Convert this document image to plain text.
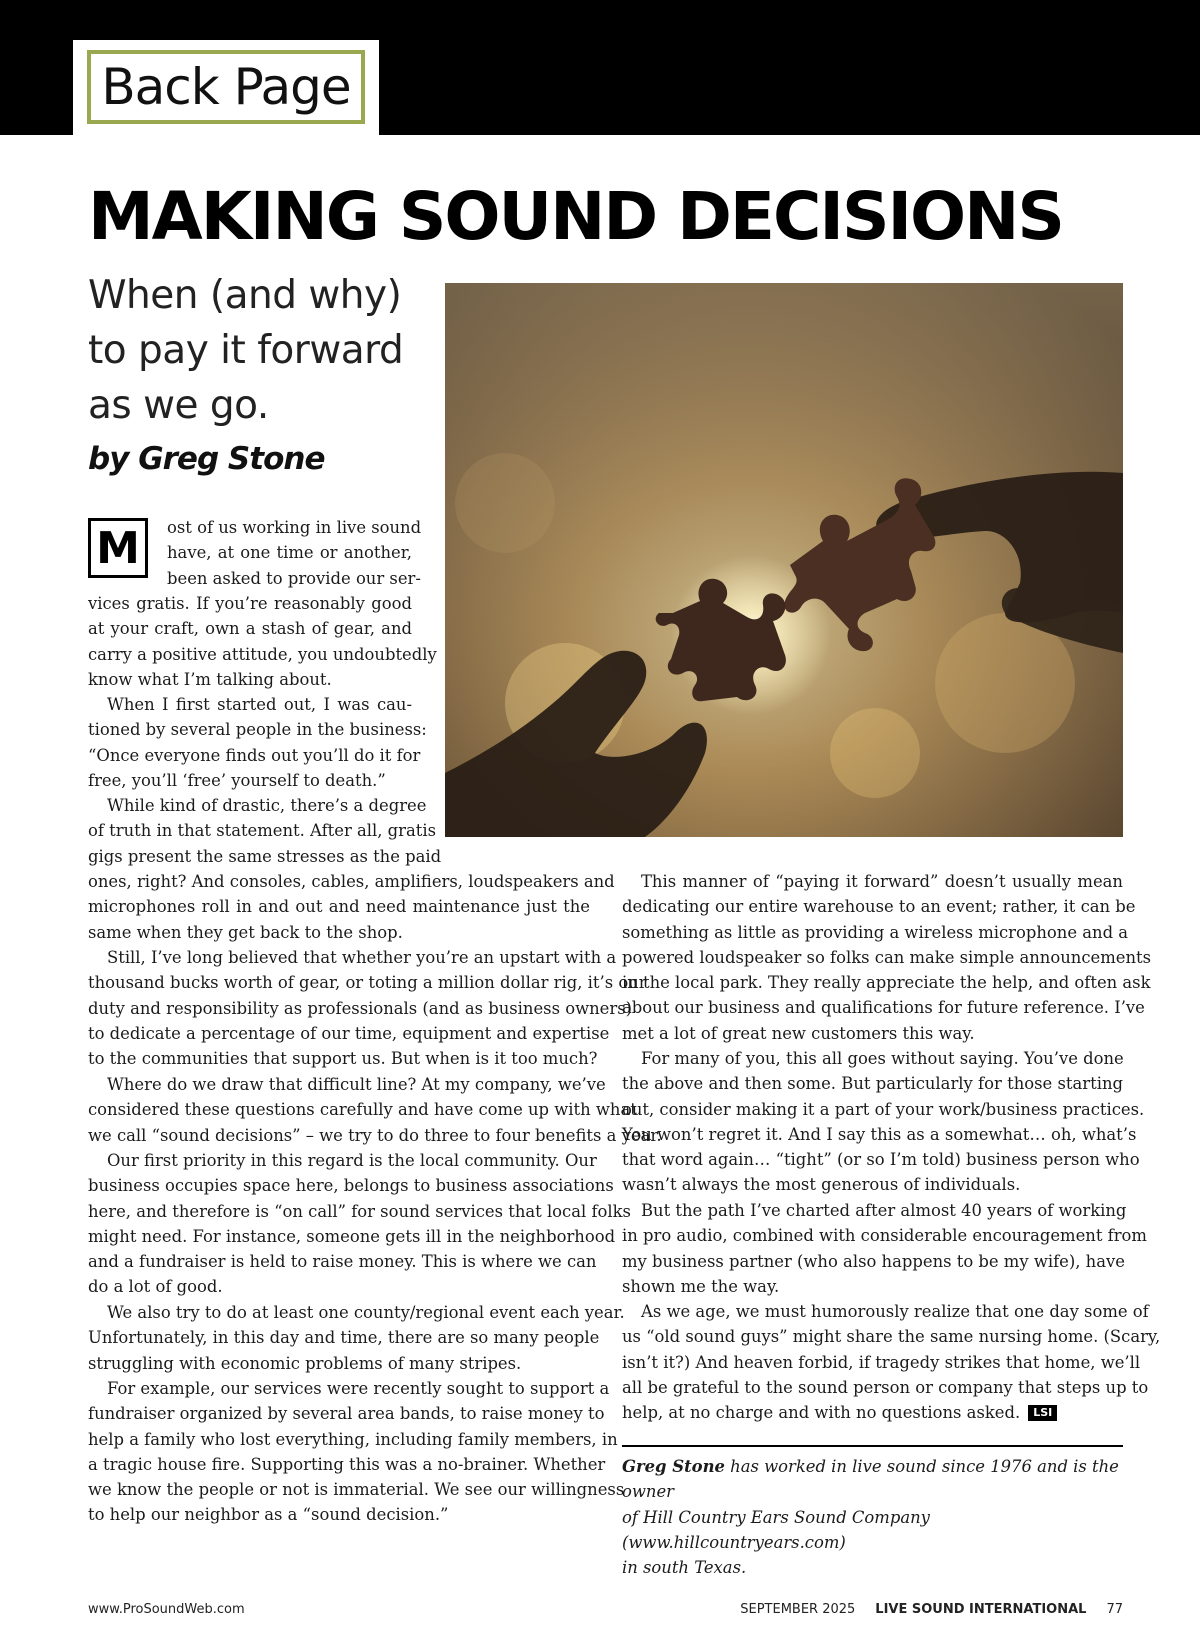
Back Page
MAKING SOUND DECISIONS
When (and why)
to pay it forward
as we go.
by Greg Stone
M	ost of us working in live sound
have, at one time or another,
been asked to provide our ser-
vices gratis. If you’re reasonably good
at your craft, own a stash of gear, and
carry a positive attitude, you undoubtedly
know what I’m talking about.
When I first started out, I was cau-
tioned by several people in the business:
“Once everyone finds out you’ll do it for
free, you’ll ‘free’ yourself to death.”
While kind of drastic, there’s a degree
of truth in that statement. After all, gratis
gigs present the same stresses as the paid
ones, right? And consoles, cables, amplifiers, loudspeakers and
microphones roll in and out and need maintenance just the
same when they get back to the shop.
Still, I’ve long believed that whether you’re an upstart with a
thousand bucks worth of gear, or toting a million dollar rig, it’s our
duty and responsibility as professionals (and as business owners)
to dedicate a percentage of our time, equipment and expertise
to the communities that support us. But when is it too much?
Where do we draw that difficult line? At my company, we’ve
considered these questions carefully and have come up with what
we call “sound decisions” – we try to do three to four benefits a year.
Our first priority in this regard is the local community. Our
business occupies space here, belongs to business associations
here, and therefore is “on call” for sound services that local folks
might need. For instance, someone gets ill in the neighborhood
and a fundraiser is held to raise money. This is where we can
do a lot of good.
We also try to do at least one county/regional event each year.
Unfortunately, in this day and time, there are so many people
struggling with economic problems of many stripes.
For example, our services were recently sought to support a
fundraiser organized by several area bands, to raise money to
help a family who lost everything, including family members, in
a tragic house fire. Supporting this was a no-brainer. Whether
we know the people or not is immaterial. We see our willingness
to help our neighbor as a “sound decision.”
This manner of “paying it forward” doesn’t usually mean
dedicating our entire warehouse to an event; rather, it can be
something as little as providing a wireless microphone and a
powered loudspeaker so folks can make simple announcements
in the local park. They really appreciate the help, and often ask
about our business and qualifications for future reference. I’ve
met a lot of great new customers this way.
For many of you, this all goes without saying. You’ve done
the above and then some. But particularly for those starting
out, consider making it a part of your work/business practices.
You won’t regret it. And I say this as a somewhat… oh, what’s
that word again… “tight” (or so I’m told) business person who
wasn’t always the most generous of individuals.
But the path I’ve charted after almost 40 years of working
in pro audio, combined with considerable encouragement from
my business partner (who also happens to be my wife), have
shown me the way.
As we age, we must humorously realize that one day some of
us “old sound guys” might share the same nursing home. (Scary,
isn’t it?) And heaven forbid, if tragedy strikes that home, we’ll
all be grateful to the sound person or company that steps up to
help, at no charge and with no questions asked. LSI
Greg Stone has worked in live sound since 1976 and is the owner
of Hill Country Ears Sound Company (www.hillcountryears.com)
in south Texas.
www.ProSoundWeb.com	SEPTEMBER 2025 LIVE SOUND INTERNATIONAL 77
